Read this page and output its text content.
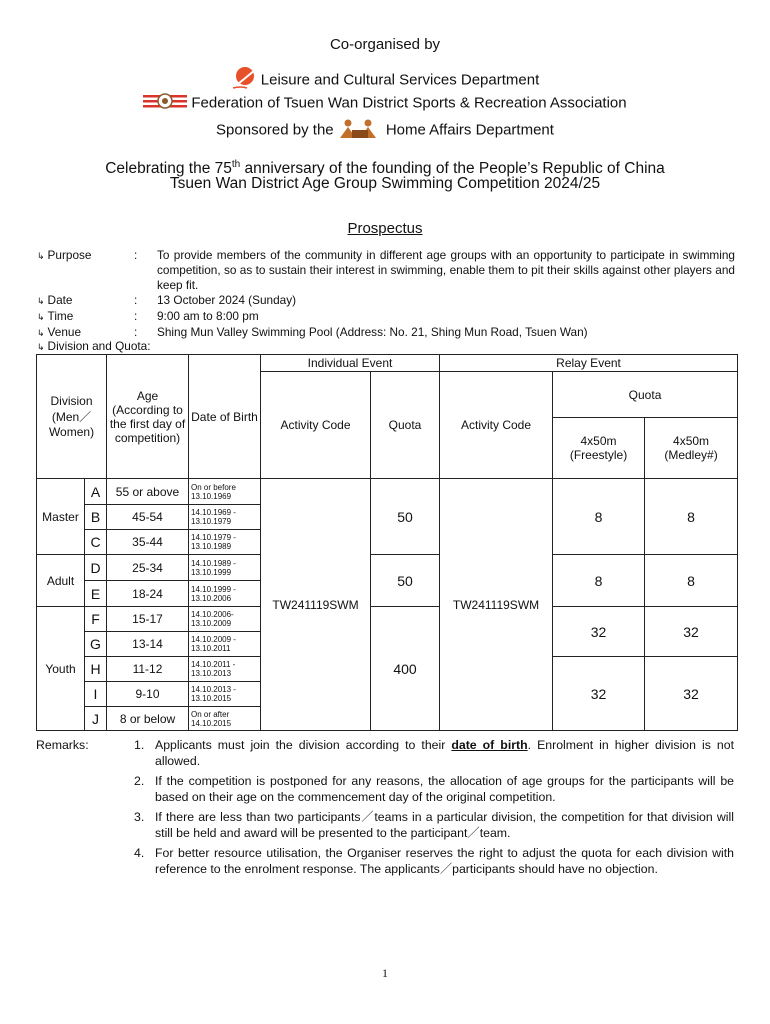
Co-organised by
Leisure and Cultural Services Department
Federation of Tsuen Wan District Sports & Recreation Association
Sponsored by the	Home Affairs Department
Celebrating the 75th anniversary of the founding of the People’s Republic of China
Tsuen Wan District Age Group Swimming Competition 2024/25
Prospectus
↳ Purpose	: To provide members of the community in different age groups with an opportunity to participate in swimming competition, so as to sustain their interest in swimming, enable them to pit their skills against other players and keep fit.
↳ Date	: 13 October 2024 (Sunday)
↳ Time	: 9:00 am to 8:00 pm
↳ Venue	: Shing Mun Valley Swimming Pool (Address: No. 21, Shing Mun Road, Tsuen Wan)
↳ Division and Quota:
Division (Men／ Women)		Age (According to the first day of competition)	Date of Birth	Individual Event		Relay Event		
				Activity Code	Quota	Activity Code	Quota	
							4x50m (Freestyle)	4x50m (Medley#)
Master	A	55 or above	On or before 13.10.1969	TW241119SWM	50	TW241119SWM	8	8
	B	45-54	14.10.1969 - 13.10.1979					
	C	35-44	14.10.1979 - 13.10.1989					
Adult	D	25-34	14.10.1989 - 13.10.1999		50		8	8
	E	18-24	14.10.1999 - 13.10.2006					
Youth	F	15-17	14.10.2006- 13.10.2009		400		32	32
	G	13-14	14.10.2009 - 13.10.2011					
	H	11-12	14.10.2011 - 13.10.2013				32	32
	I	9-10	14.10.2013 - 13.10.2015					
	J	8 or below	On or after 14.10.2015					
Remarks:	1. Applicants must join the division according to their date of birth. Enrolment in higher division is not allowed.
2. If the competition is postponed for any reasons, the allocation of age groups for the participants will be based on their age on the commencement day of the original competition.
3. If there are less than two participants／teams in a particular division, the competition for that division will still be held and award will be presented to the participant／team.
4. For better resource utilisation, the Organiser reserves the right to adjust the quota for each division with reference to the enrolment response. The applicants／participants should have no objection.
1
